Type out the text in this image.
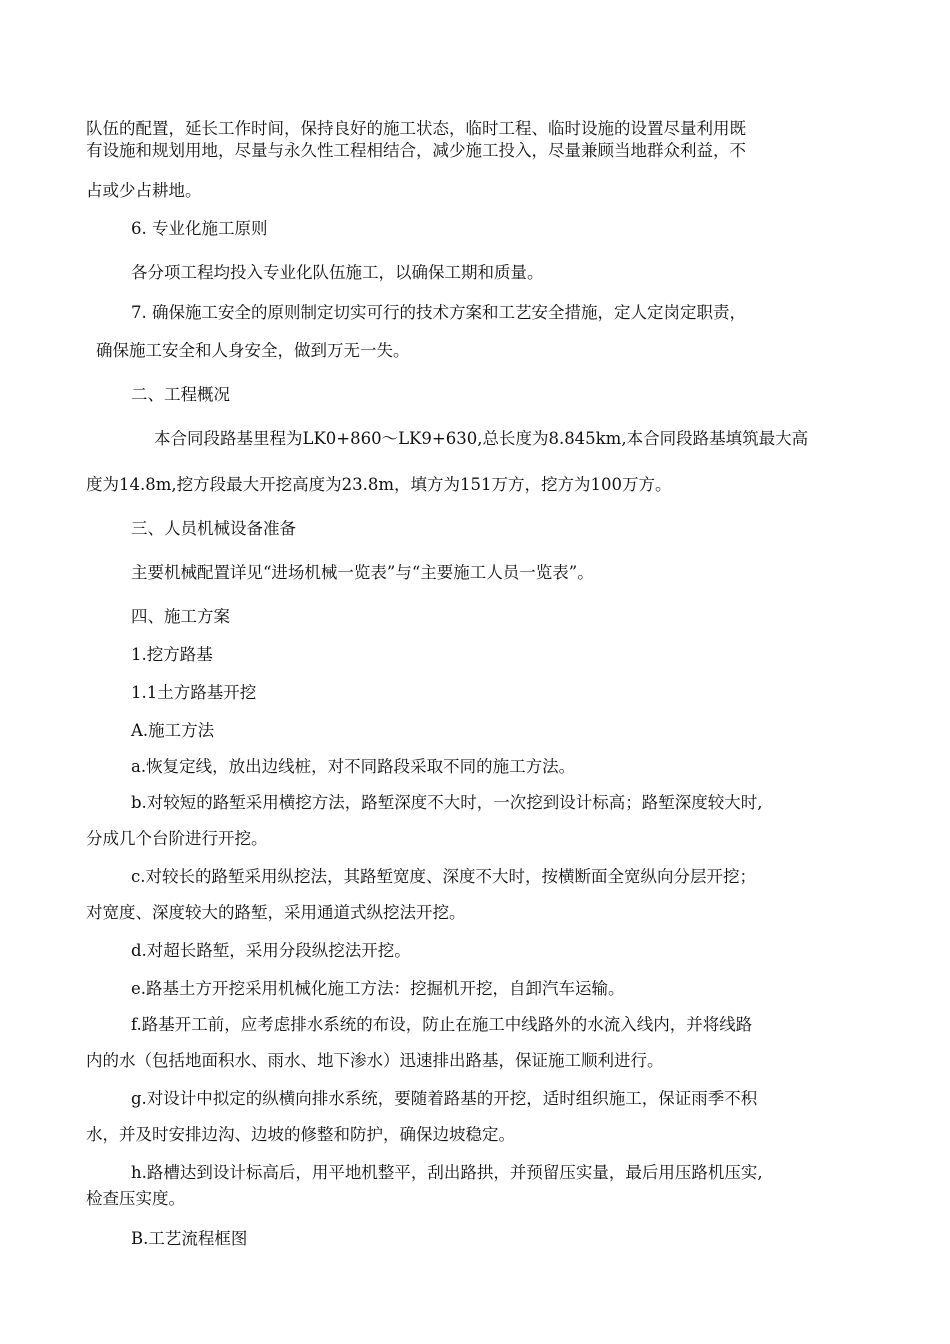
队伍的配置，延长工作时间，保持良好的施工状态，临时工程、临时设施的设置尽量利用既
有设施和规划用地，尽量与永久性工程相结合，减少施工投入，尽量兼顾当地群众利益，不
占或少占耕地。
6. 专业化施工原则
各分项工程均投入专业化队伍施工，以确保工期和质量。
7. 确保施工安全的原则制定切实可行的技术方案和工艺安全措施，定人定岗定职责，
确保施工安全和人身安全，做到万无一失。
二、工程概况
本合同段路基里程为LK0+860～LK9+630,总长度为8.845km,本合同段路基填筑最大高
度为14.8m,挖方段最大开挖高度为23.8m，填方为151万方，挖方为100万方。
三、人员机械设备准备
主要机械配置详见“进场机械一览表”与“主要施工人员一览表”。
四、施工方案
1.挖方路基
1.1土方路基开挖
A.施工方法
a.恢复定线，放出边线桩，对不同路段采取不同的施工方法。
b.对较短的路堑采用横挖方法，路堑深度不大时，一次挖到设计标高；路堑深度较大时,
分成几个台阶进行开挖。
c.对较长的路堑采用纵挖法，其路堑宽度、深度不大时，按横断面全宽纵向分层开挖；
对宽度、深度较大的路堑，采用通道式纵挖法开挖。
d.对超长路堑，采用分段纵挖法开挖。
e.路基土方开挖采用机械化施工方法：挖掘机开挖，自卸汽车运输。
f.路基开工前，应考虑排水系统的布设，防止在施工中线路外的水流入线内，并将线路
内的水（包括地面积水、雨水、地下渗水）迅速排出路基，保证施工顺利进行。
g.对设计中拟定的纵横向排水系统，要随着路基的开挖，适时组织施工，保证雨季不积
水，并及时安排边沟、边坡的修整和防护，确保边坡稳定。
h.路槽达到设计标高后，用平地机整平，刮出路拱，并预留压实量，最后用压路机压实,
检查压实度。
B.工艺流程框图
